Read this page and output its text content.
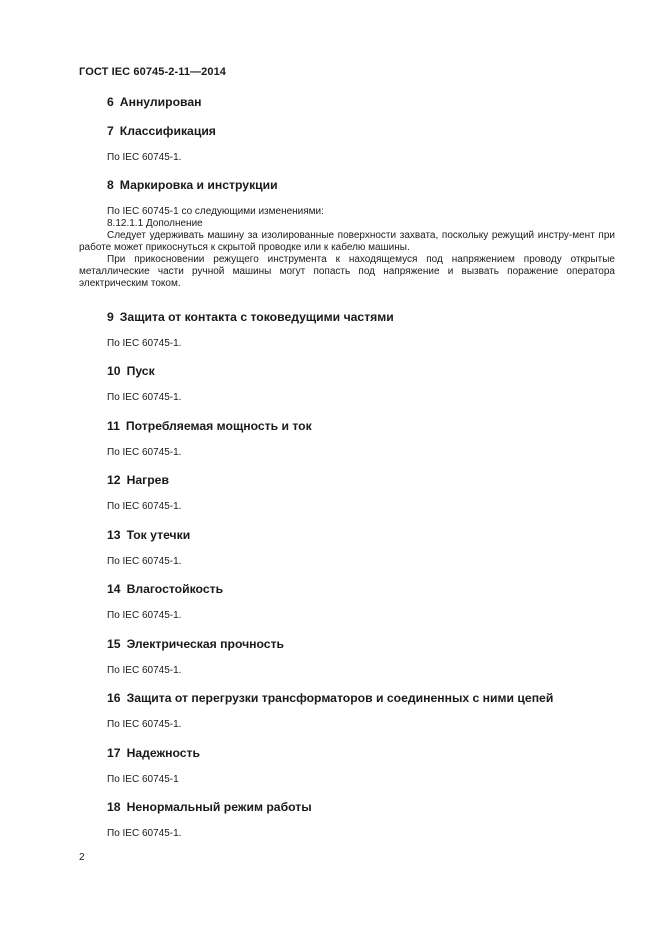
ГОСТ IEC 60745-2-11—2014
6 Аннулирован
7 Классификация
По IEC 60745-1.
8 Маркировка и инструкции

По IEC 60745-1 со следующими изменениями:

8.12.1.1 Дополнение

Следует удерживать машину за изолированные поверхности захвата, поскольку режущий инстру-мент при работе может прикоснуться к скрытой проводке или к кабелю машины.

При прикосновении режущего инструмента к находящемуся под напряжением проводу открытые металлические части ручной машины могут попасть под напряжение и вызвать поражение оператора электрическим током.

9 Защита от контакта с токоведущими частями
По IEC 60745-1.
10 Пуск
По IEC 60745-1.
11 Потребляемая мощность и ток
По IEC 60745-1.
12 Нагрев
По IEC 60745-1.
13 Ток утечки
По IEC 60745-1.
14 Влагостойкость
По IEC 60745-1.
15 Электрическая прочность
По IEC 60745-1.
16 Защита от перегрузки трансформаторов и соединенных с ними цепей
По IEC 60745-1.
17 Надежность
По IEC 60745-1
18 Ненормальный режим работы
По IEC 60745-1.
2
